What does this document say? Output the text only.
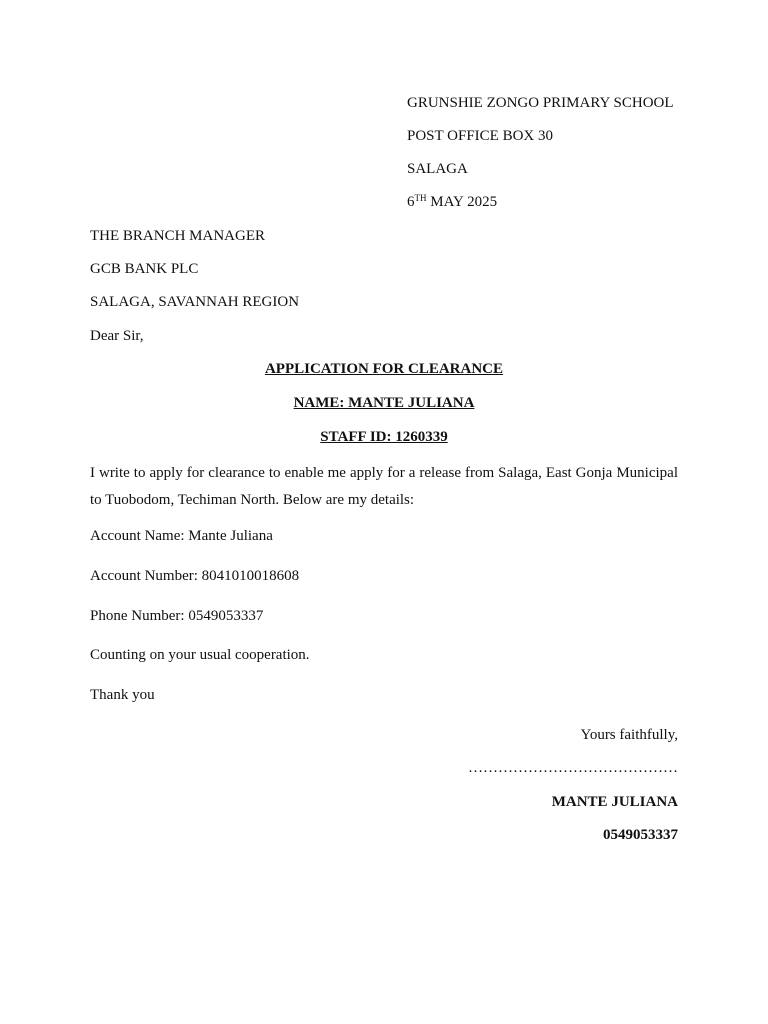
GRUNSHIE ZONGO PRIMARY SCHOOL
POST OFFICE BOX 30
SALAGA
6TH MAY 2025
THE BRANCH MANAGER
GCB BANK PLC
SALAGA, SAVANNAH REGION
Dear Sir,
APPLICATION FOR CLEARANCE
NAME: MANTE JULIANA
STAFF ID: 1260339
I write to apply for clearance to enable me apply for a release from Salaga, East Gonja Municipal to Tuobodom, Techiman North. Below are my details:
Account Name: Mante Juliana
Account Number: 8041010018608
Phone Number: 0549053337
Counting on your usual cooperation.
Thank you
Yours faithfully,
……………………………………
MANTE JULIANA
0549053337
